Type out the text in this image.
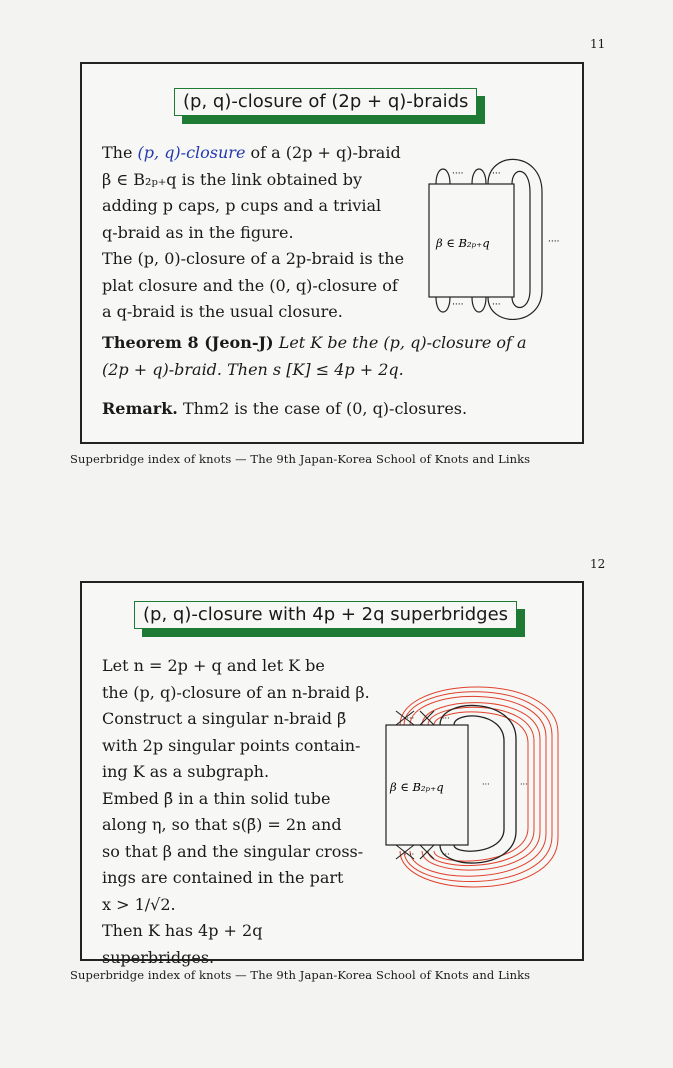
11
(p, q)-closure of (2p + q)-braids

The (p, q)-closure of a (2p + q)-braid

β ∈ B₂ₚ₊q is the link obtained by

adding p caps, p cups and a trivial

q-braid as in the figure.

The (p, 0)-closure of a 2p-braid is the

plat closure and the (0, q)-closure of

a q-braid is the usual closure.

Theorem 8 (Jeon-J) Let K be the (p, q)-closure of a

(2p + q)-braid. Then s [K] ≤ 4p + 2q.

Remark. Thm2 is the case of (0, q)-closures.

β ∈ B₂ₚ₊q
····	···
····	···
····
Superbridge index of knots — The 9th Japan-Korea School of Knots and Links
12
(p, q)-closure with 4p + 2q superbridges

Let n = 2p + q and let K be

the (p, q)-closure of an n-braid β.

Construct a singular n-braid β̄

with 2p singular points contain-

ing K as a subgraph.

Embed β̄ in a thin solid tube

along η, so that s(β̄) = 2n and

so that β and the singular cross-

ings are contained in the part

x > 1/√2.

Then K has 4p + 2q superbridges.

β ∈ B₂ₚ₊q
····	···
····	···
···	···
Superbridge index of knots — The 9th Japan-Korea School of Knots and Links
